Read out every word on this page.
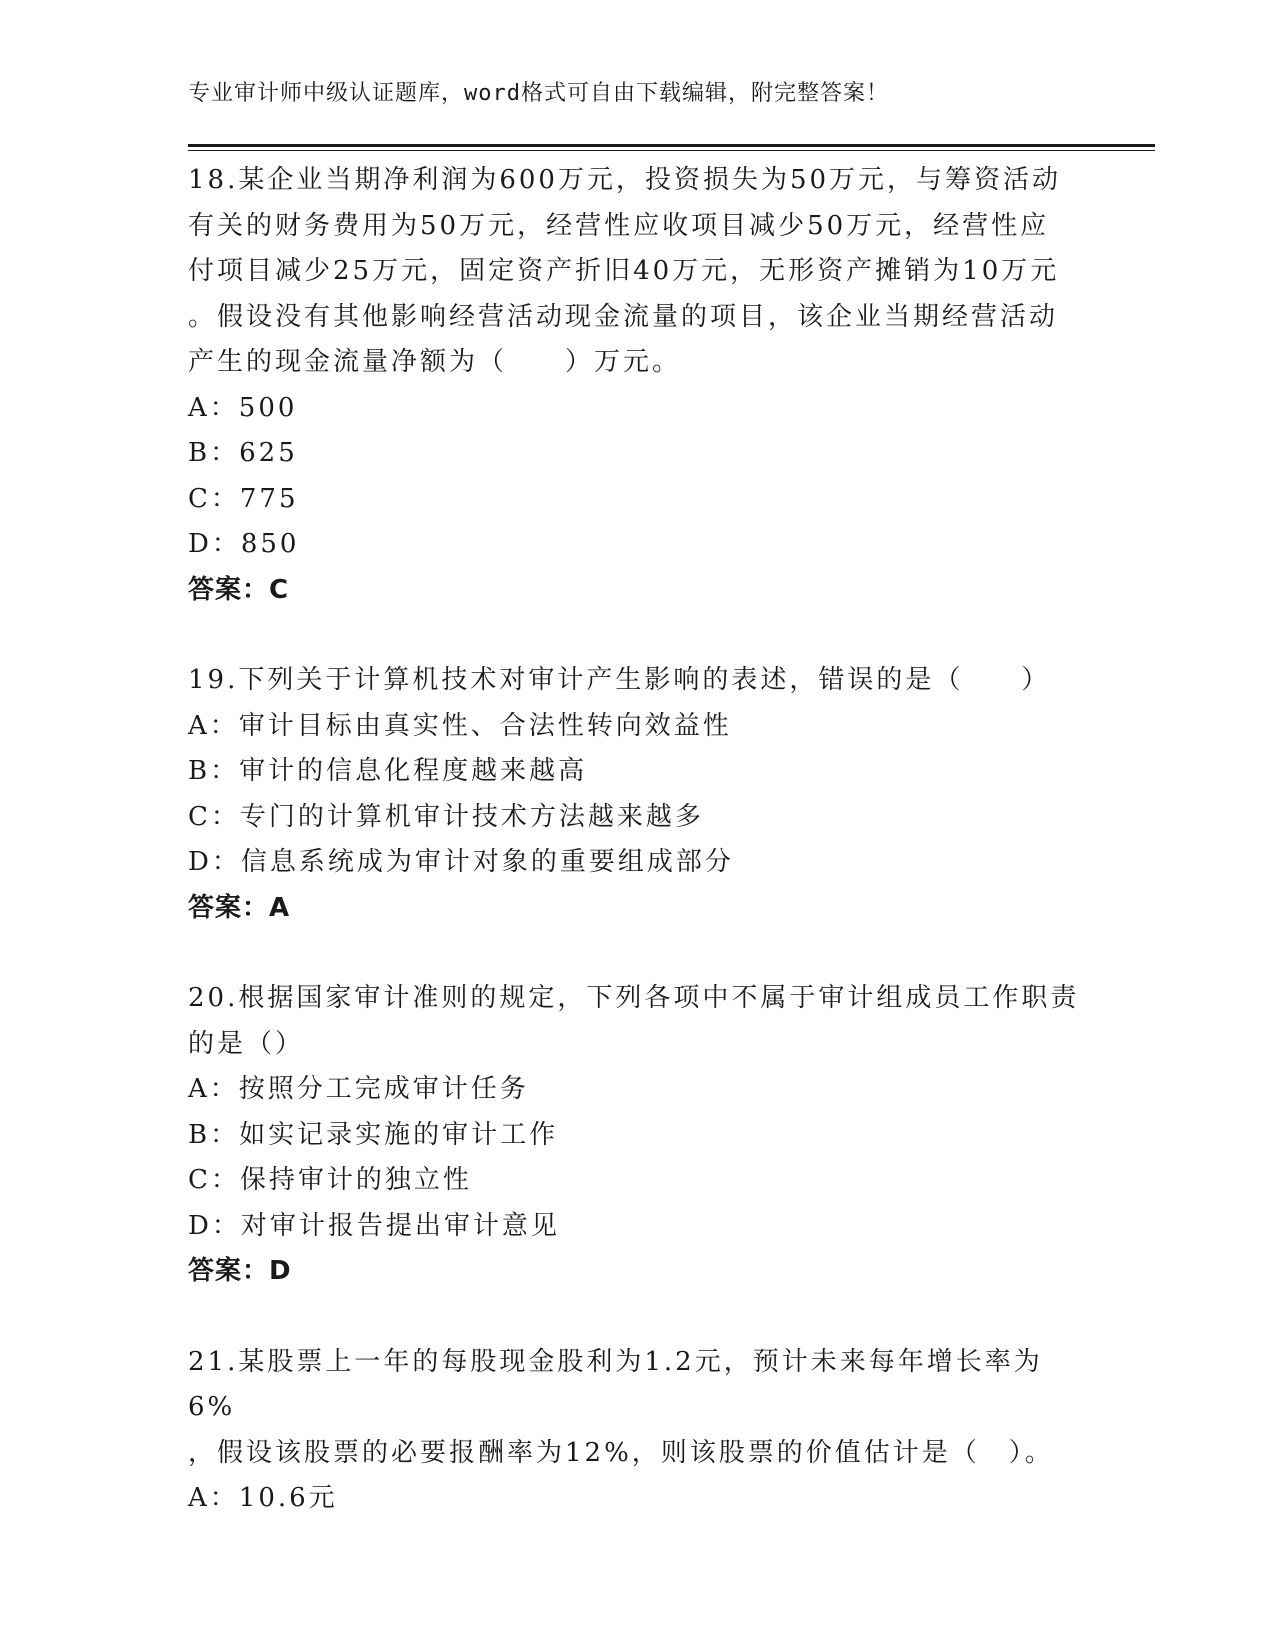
专业审计师中级认证题库，word格式可自由下载编辑，附完整答案！

18.某企业当期净利润为600万元，投资损失为50万元，与筹资活动

有关的财务费用为50万元，经营性应收项目减少50万元，经营性应

付项目减少25万元，固定资产折旧40万元，无形资产摊销为10万元

。假设没有其他影响经营活动现金流量的项目，该企业当期经营活动

产生的现金流量净额为（　　）万元。

A：500

B：625

C：775

D：850

答案：C

19.下列关于计算机技术对审计产生影响的表述，错误的是（　　）

A：审计目标由真实性、合法性转向效益性

B：审计的信息化程度越来越高

C：专门的计算机审计技术方法越来越多

D：信息系统成为审计对象的重要组成部分

答案：A

20.根据国家审计准则的规定，下列各项中不属于审计组成员工作职责

的是（）

A：按照分工完成审计任务

B：如实记录实施的审计工作

C：保持审计的独立性

D：对审计报告提出审计意见

答案：D

21.某股票上一年的每股现金股利为1.2元，预计未来每年增长率为6%

，假设该股票的必要报酬率为12%，则该股票的价值估计是（　）。

A：10.6元
